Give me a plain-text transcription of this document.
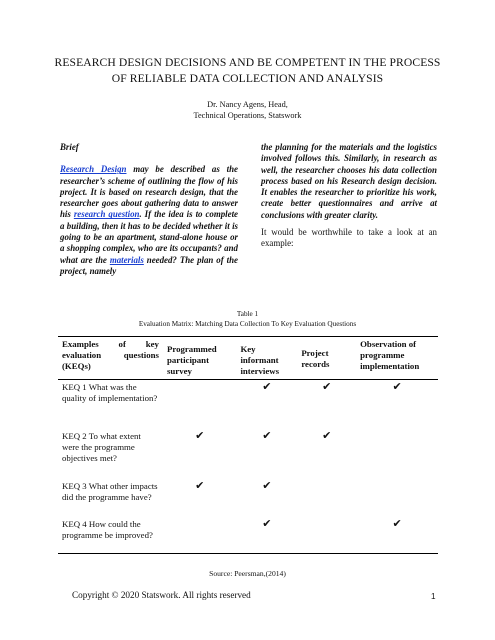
RESEARCH DESIGN DECISIONS AND BE COMPETENT IN THE PROCESS
OF RELIABLE DATA COLLECTION AND ANALYSIS
Dr. Nancy Agens, Head,
Technical Operations, Statswork

Brief

Research Design may be described as the researcher’s scheme of outlining the flow of his project. It is based on research design, that the researcher goes about gathering data to answer his research question. If the idea is to complete a building, then it has to be decided whether it is going to be an apartment, stand-alone house or a shopping complex, who are its occupants? and what are the materials needed? The plan of the project, namely

the planning for the materials and the logistics involved follows this. Similarly, in research as well, the researcher chooses his data collection process based on his Research design decision. It enables the researcher to prioritize his work, create better questionnaires and arrive at conclusions with greater clarity.

It would be worthwhile to take a look at an example:

Table 1
Evaluation Matrix: Matching Data Collection To Key Evaluation Questions
Examples of key evaluation questions (KEQs)	Programmed participant survey	Key informant interviews	Project records	Observation of programme implementation
KEQ 1 What was the quality of implementation?		✔	✔	✔
KEQ 2 To what extent were the programme objectives met?	✔	✔	✔	
KEQ 3 What other impacts did the programme have?	✔	✔		
KEQ 4 How could the programme be improved?		✔		✔
Source: Peersman,(2014)
Copyright © 2020 Statswork. All rights reserved	1
